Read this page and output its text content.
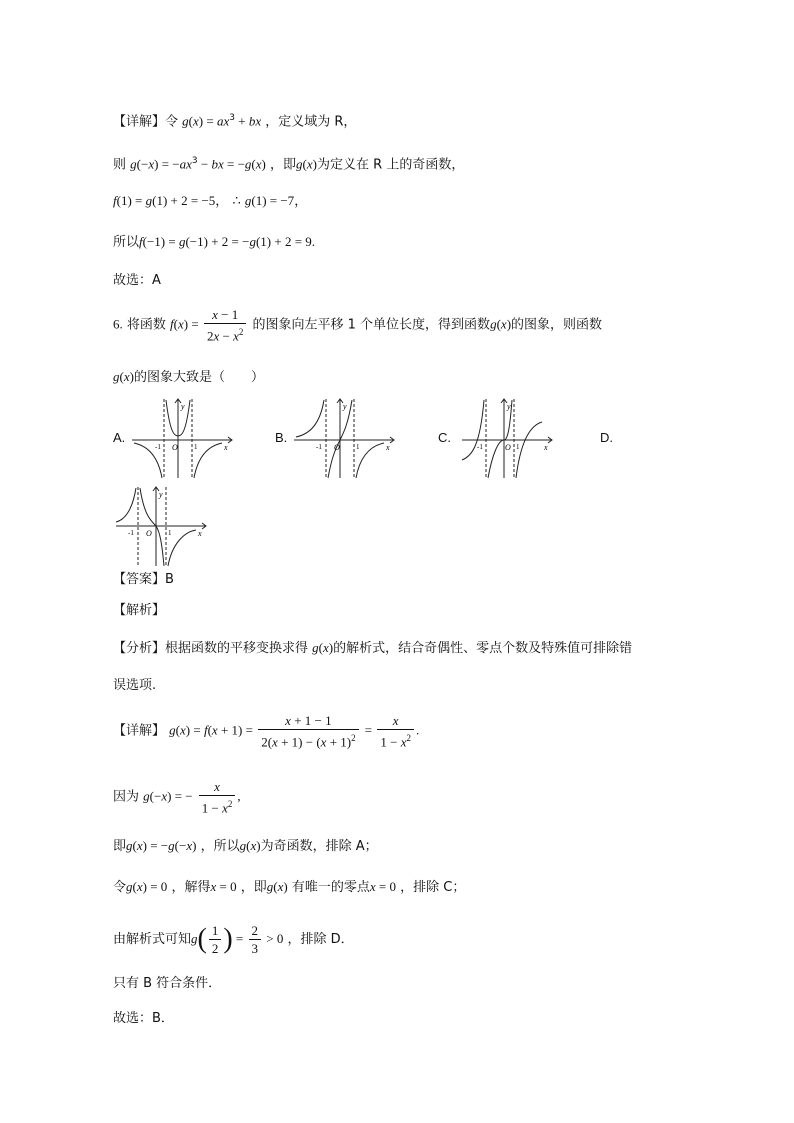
【详解】令 $g(x) = ax^3$ + bx ，定义域为 R，
则 $g(-x) = -ax^3$ − bx = −g(x) ，即g(x)为定义在 R 上的奇函数，
f(1) = g(1) + 2 = −5， ∴ g(1) = −7，
所以f(−1) = g(−1) + 2 = −g(1) + 2 = 9.
故选：A
6. 将函数 $f(x) = \frac{x - 1}{2x - x^2}$ 的图象向左平移 1 个单位长度，得到函数g(x)的图象，则函数
g(x)的图象大致是（　　）
A.	B.	C.	D.
y
x
O
-1	1
y
x
O
-1	1
y
x
O
-1	1
y
x
O
-1	1
【答案】B
【解析】
【分析】根据函数的平移变换求得 g(x)的解析式，结合奇偶性、零点个数及特殊值可排除错
误选项.
【详解】 $g(x) = f(x + 1) = \frac{x + 1 - 1}{2(x + 1) - (x + 1)^2} = \frac{x}{1 - x^2}$ .
因为 g(−x) = − $\frac{x}{1 - x^2}$ ,
即g(x) = −g(−x) ，所以g(x)为奇函数，排除 A；
令g(x) = 0 ，解得x = 0 ，即g(x) 有唯一的零点x = 0 ，排除 C；
由解析式可知$g( \frac{1}{2}$ ) = $\frac{2}{3} > 0$ ，排除 D．
只有 B 符合条件．
故选：B．
